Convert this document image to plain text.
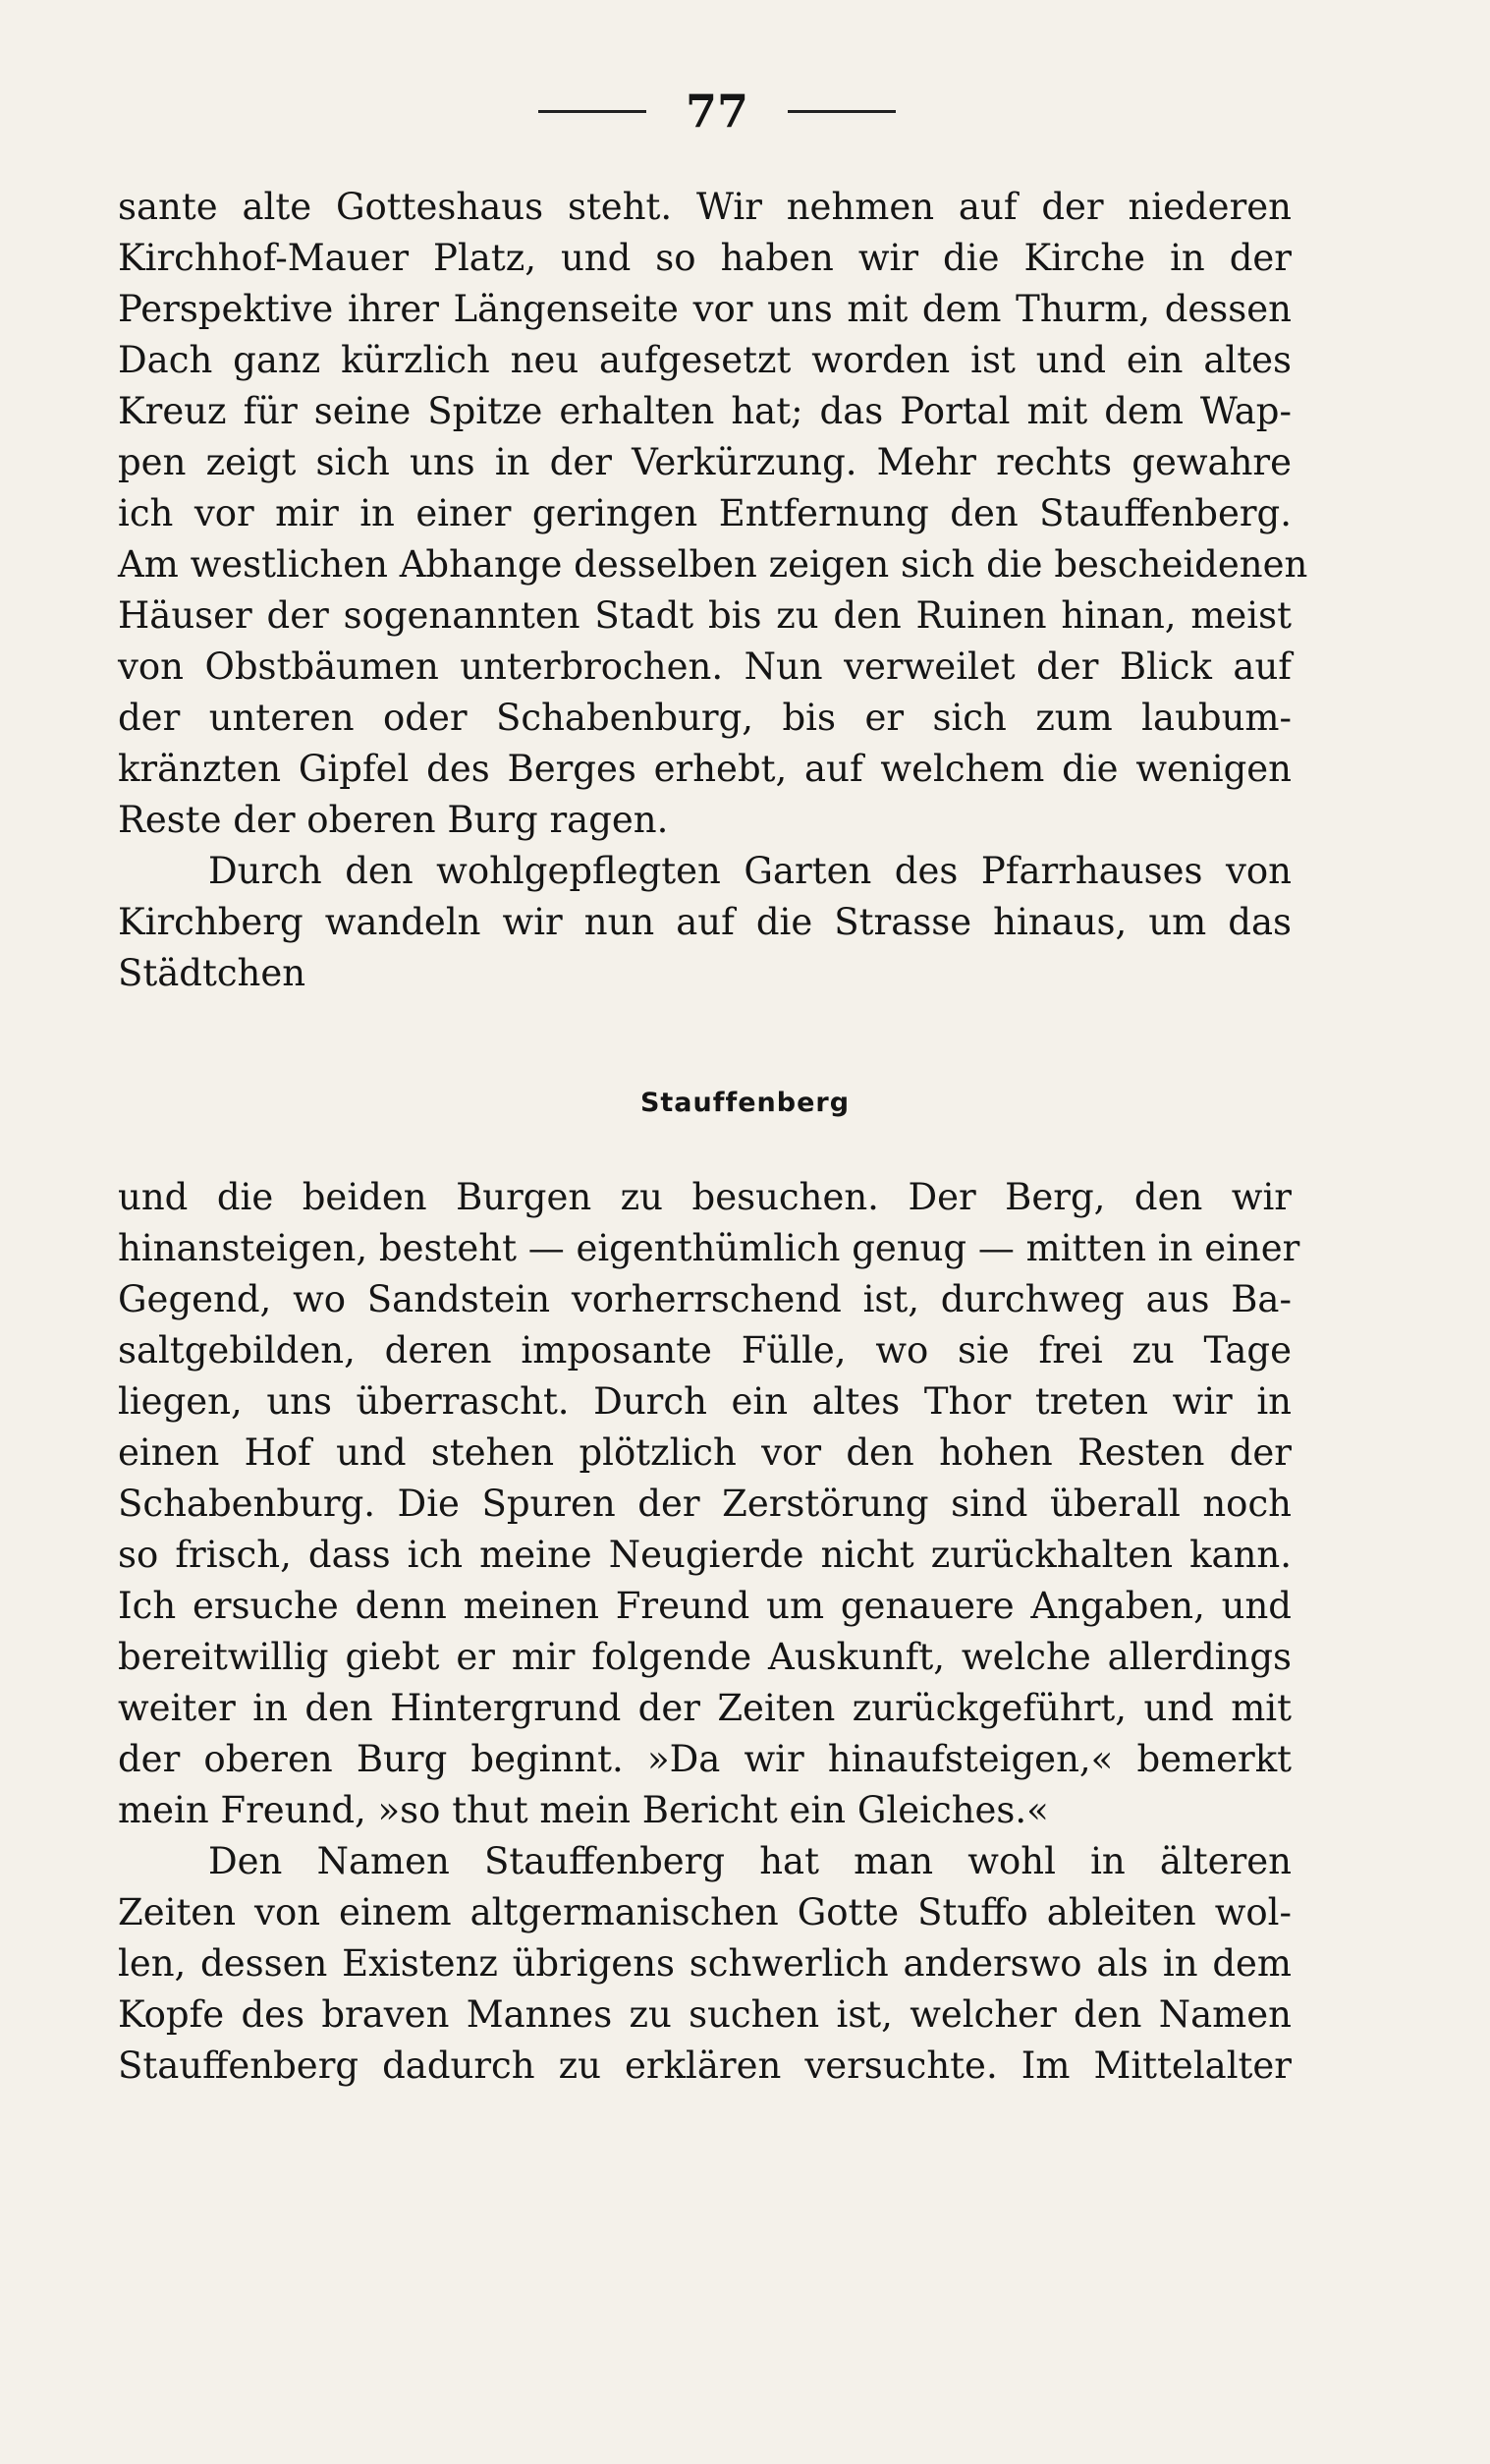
77
sante alte Gotteshaus steht. Wir nehmen auf der niederen
Kirchhof-Mauer Platz, und so haben wir die Kirche in der
Perspektive ihrer Längenseite vor uns mit dem Thurm, dessen
Dach ganz kürzlich neu aufgesetzt worden ist und ein altes
Kreuz für seine Spitze erhalten hat; das Portal mit dem Wap-
pen zeigt sich uns in der Verkürzung. Mehr rechts gewahre
ich vor mir in einer geringen Entfernung den Stauffenberg.
Am westlichen Abhange desselben zeigen sich die bescheidenen
Häuser der sogenannten Stadt bis zu den Ruinen hinan, meist
von Obstbäumen unterbrochen. Nun verweilet der Blick auf
der unteren oder Schabenburg, bis er sich zum laubum-
kränzten Gipfel des Berges erhebt, auf welchem die wenigen
Reste der oberen Burg ragen.
Durch den wohlgepflegten Garten des Pfarrhauses von
Kirchberg wandeln wir nun auf die Strasse hinaus, um das
Städtchen
Stauffenberg
und die beiden Burgen zu besuchen. Der Berg, den wir
hinansteigen, besteht — eigenthümlich genug — mitten in einer
Gegend, wo Sandstein vorherrschend ist, durchweg aus Ba-
saltgebilden, deren imposante Fülle, wo sie frei zu Tage
liegen, uns überrascht. Durch ein altes Thor treten wir in
einen Hof und stehen plötzlich vor den hohen Resten der
Schabenburg. Die Spuren der Zerstörung sind überall noch
so frisch, dass ich meine Neugierde nicht zurückhalten kann.
Ich ersuche denn meinen Freund um genauere Angaben, und
bereitwillig giebt er mir folgende Auskunft, welche allerdings
weiter in den Hintergrund der Zeiten zurückgeführt, und mit
der oberen Burg beginnt. »Da wir hinaufsteigen,« bemerkt
mein Freund, »so thut mein Bericht ein Gleiches.«
Den Namen Stauffenberg hat man wohl in älteren
Zeiten von einem altgermanischen Gotte Stuffo ableiten wol-
len, dessen Existenz übrigens schwerlich anderswo als in dem
Kopfe des braven Mannes zu suchen ist, welcher den Namen
Stauffenberg dadurch zu erklären versuchte. Im Mittelalter
